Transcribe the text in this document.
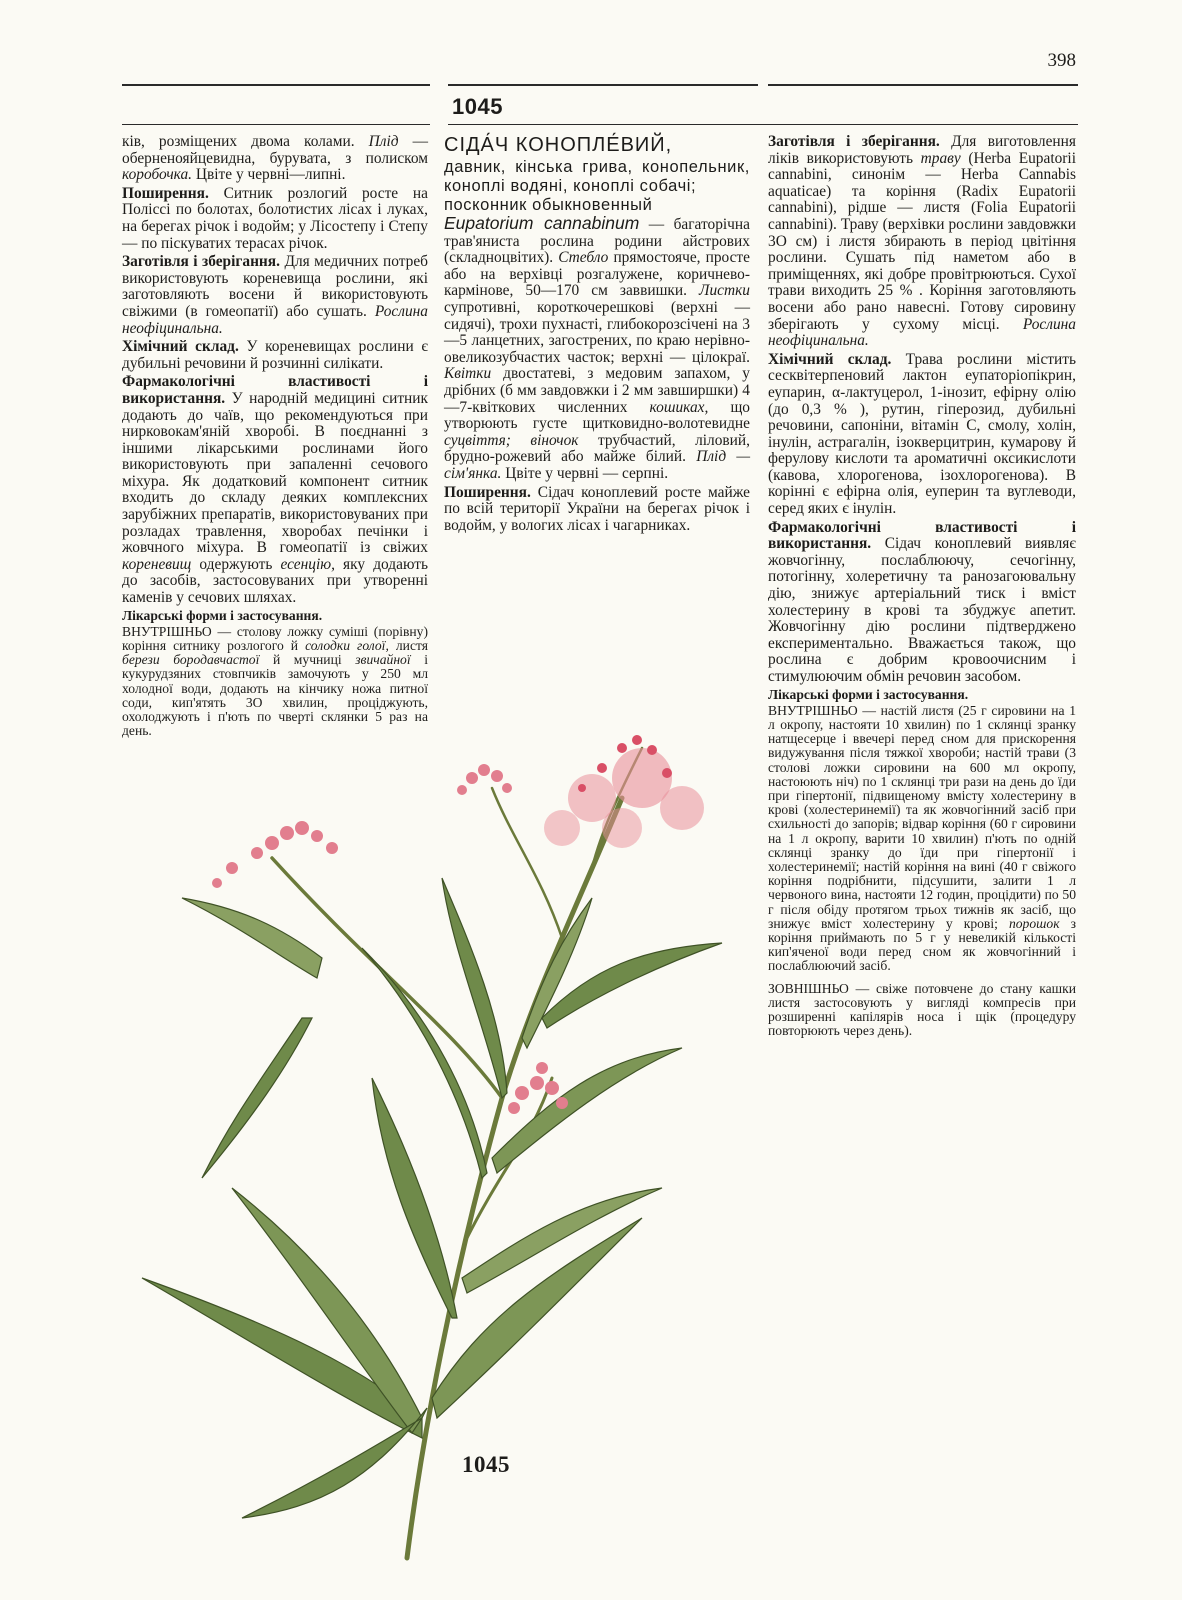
398
1045

ків, розміщених двома колами. Плід — оберненояйцевидна, бурувата, з полиском коробочка. Цвіте у червні—липні.

Поширення. Ситник розлогий росте на Поліссі по болотах, болотистих лісах і луках, на берегах річок і водойм; у Лісостепу і Степу — по піскуватих терасах річок.

Заготівля і зберігання. Для медичних потреб використовують кореневища рослини, які заготовляють восени й використовують свіжими (в гомеопатії) або сушать. Рослина неофіцинальна.

Хімічний склад. У кореневищах рослини є дубильні речовини й розчинні силікати.

Фармакологічні властивості і використання. У народній медицині ситник додають до чаїв, що рекомендуються при нирковокам'яній хворобі. В поєднанні з іншими лікарськими рослинами його використовують при запаленні сечового міхура. Як додатковий компонент ситник входить до складу деяких комплексних зарубіжних препаратів, використовуваних при розладах травлення, хворобах печінки і жовчного міхура. В гомеопатії із свіжих кореневищ одержують есенцію, яку додають до засобів, застосовуваних при утворенні каменів у сечових шляхах.

Лікарські форми і застосування.

ВНУТРІШНЬО — столову ложку суміші (порівну) коріння ситнику розлогого й солодки голої, листя берези бородавчастої й мучниці звичайної і кукурудзяних стовпчиків замочують у 250 мл холодної води, додають на кінчику ножа питної соди, кип'ятять 3О хвилин, проціджують, охолоджують і п'ють по чверті склянки 5 раз на день.

СІДА́Ч КОНОПЛЕ́ВИЙ,
давник, кінська грива, конопельник, коноплі водяні, коноплі собачі;
посконник обыкновенный

Eupatorium cannabinum — багаторічна трав'яниста рослина родини айстрових (складноцвітих). Стебло прямостояче, просте або на верхівці розгалужене, коричнево-кармінове, 50—170 см заввишки. Листки супротивні, короткочерешкові (верхні — сидячі), трохи пухнасті, глибокорозсічені на 3—5 ланцетних, загострених, по краю нерівно-овеликозубчастих часток; верхні — цілокраї. Квітки двостатеві, з медовим запахом, у дрібних (б мм завдовжки і 2 мм завширшки) 4—7-квіткових численних кошиках, що утворюють густе щитковидно-волотевидне суцвіття; віночок трубчастий, ліловий, брудно-рожевий або майже білий. Плід — сім'янка. Цвіте у червні — серпні.

Поширення. Сідач коноплевий росте майже по всій території України на берегах річок і водойм, у вологих лісах і чагарниках.

Заготівля і зберігання. Для виготовлення ліків використовують траву (Herba Eupatorii cannabini, синонім — Herba Cannabis aquaticae) та коріння (Radix Eupatorii cannabini), рідше — листя (Folia Eupatorii cannabini). Траву (верхівки рослини завдовжки 3О см) і листя збирають в період цвітіння рослини. Сушать під наметом або в приміщеннях, які добре провітрюються. Сухої трави виходить 25 % . Коріння заготовляють восени або рано навесні. Готову сировину зберігають у сухому місці. Рослина неофіцинальна.

Хімічний склад. Трава рослини містить сесквітерпеновий лактон еупаторіопікрин, еупарин, α-лактуцерол, 1-інозит, ефірну олію (до 0,3 % ), рутин, гіперозид, дубильні речовини, сапоніни, вітамін С, смолу, холін, інулін, астрагалін, ізокверцитрин, кумарову й ферулову кислоти та ароматичні оксикислоти (кавова, хлорогенова, ізохлорогенова). В корінні є ефірна олія, еуперин та вуглеводи, серед яких є інулін.

Фармакологічні властивості і використання. Сідач коноплевий виявляє жовчогінну, послаблюючу, сечогінну, потогінну, холеретичну та ранозагоювальну дію, знижує артеріальний тиск і вміст холестерину в крові та збуджує апетит. Жовчогінну дію рослини підтверджено експериментально. Вважається також, що рослина є добрим кровоочисним і стимулюючим обмін речовин засобом.

Лікарські форми і застосування.

ВНУТРІШНЬО — настій листя (25 г сировини на 1 л окропу, настояти 10 хвилин) по 1 склянці зранку натщесерце і ввечері перед сном для прискорення видужування після тяжкої хвороби; настій трави (3 столові ложки сировини на 600 мл окропу, настоюють ніч) по 1 склянці три рази на день до їди при гіпертонії, підвищеному вмісту холестерину в крові (холестеринемії) та як жовчогінний засіб при схильності до запорів; відвар коріння (60 г сировини на 1 л окропу, варити 10 хвилин) п'ють по одній склянці зранку до їди при гіпертонії і холестеринемії; настій коріння на вині (40 г свіжого коріння подрібнити, підсушити, залити 1 л червоного вина, настояти 12 годин, процідити) по 50 г після обіду протягом трьох тижнів як засіб, що знижує вміст холестерину у крові; порошок з коріння приймають по 5 г у невеликій кількості кип'яченої води перед сном як жовчогінний і послаблюючий засіб.

ЗОВНІШНЬО — свіже потовчене до стану кашки листя застосовують у вигляді компресів при розширенні капілярів носа і щік (процедуру повторюють через день).

1045
